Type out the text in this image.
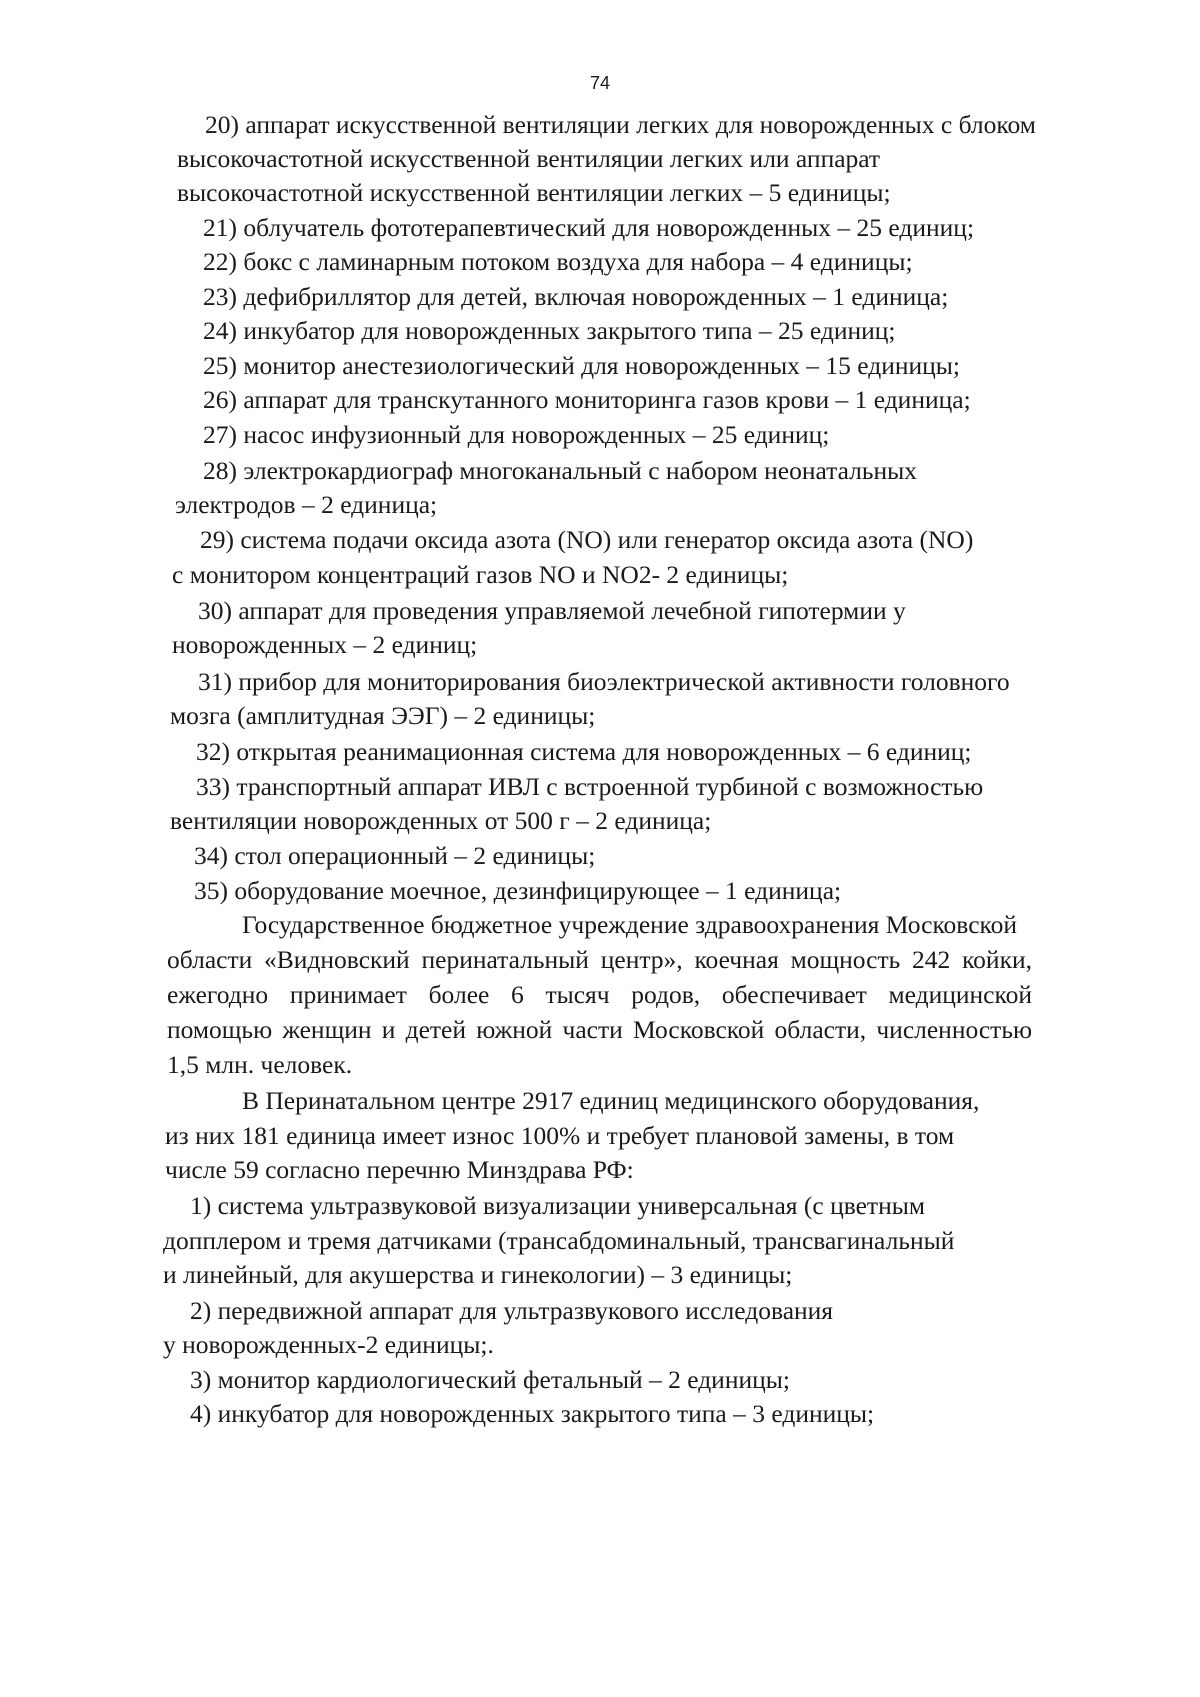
74
20) аппарат искусственной вентиляции легких для новорожденных с блоком
высокочастотной искусственной вентиляции легких или аппарат
высокочастотной искусственной вентиляции легких – 5 единицы;
21) облучатель фототерапевтический для новорожденных – 25 единиц;
22) бокс с ламинарным потоком воздуха для набора – 4 единицы;
23) дефибриллятор для детей, включая новорожденных – 1 единица;
24) инкубатор для новорожденных закрытого типа – 25 единиц;
25) монитор анестезиологический для новорожденных – 15 единицы;
26) аппарат для транскутанного мониторинга газов крови – 1 единица;
27) насос инфузионный для новорожденных – 25 единиц;
28) электрокардиограф многоканальный с набором неонатальных
электродов – 2 единица;
29) система подачи оксида азота (NO) или генератор оксида азота (NO)
с монитором концентраций газов NO и NO2- 2 единицы;
30) аппарат для проведения управляемой лечебной гипотермии у
новорожденных – 2 единиц;
31) прибор для мониторирования биоэлектрической активности головного
мозга (амплитудная ЭЭГ) – 2 единицы;
32) открытая реанимационная система для новорожденных – 6 единиц;
33) транспортный аппарат ИВЛ с встроенной турбиной с возможностью
вентиляции новорожденных от 500 г – 2 единица;
34) стол операционный – 2 единицы;
35) оборудование моечное, дезинфицирующее – 1 единица;
Государственное бюджетное учреждение здравоохранения Московской
области «Видновский перинатальный центр», коечная мощность 242 койки,
ежегодно принимает более 6 тысяч родов, обеспечивает медицинской
помощью женщин и детей южной части Московской области, численностью
1,5 млн. человек.
В Перинатальном центре 2917 единиц медицинского оборудования,
из них 181 единица имеет износ 100% и требует плановой замены, в том
числе 59 согласно перечню Минздрава РФ:
1) система ультразвуковой визуализации универсальная (с цветным
допплером и тремя датчиками (трансабдоминальный, трансвагинальный
и линейный, для акушерства и гинекологии) – 3 единицы;
2) передвижной аппарат для ультразвукового исследования
у новорожденных-2 единицы;.
3) монитор кардиологический фетальный – 2 единицы;
4) инкубатор для новорожденных закрытого типа – 3 единицы;
